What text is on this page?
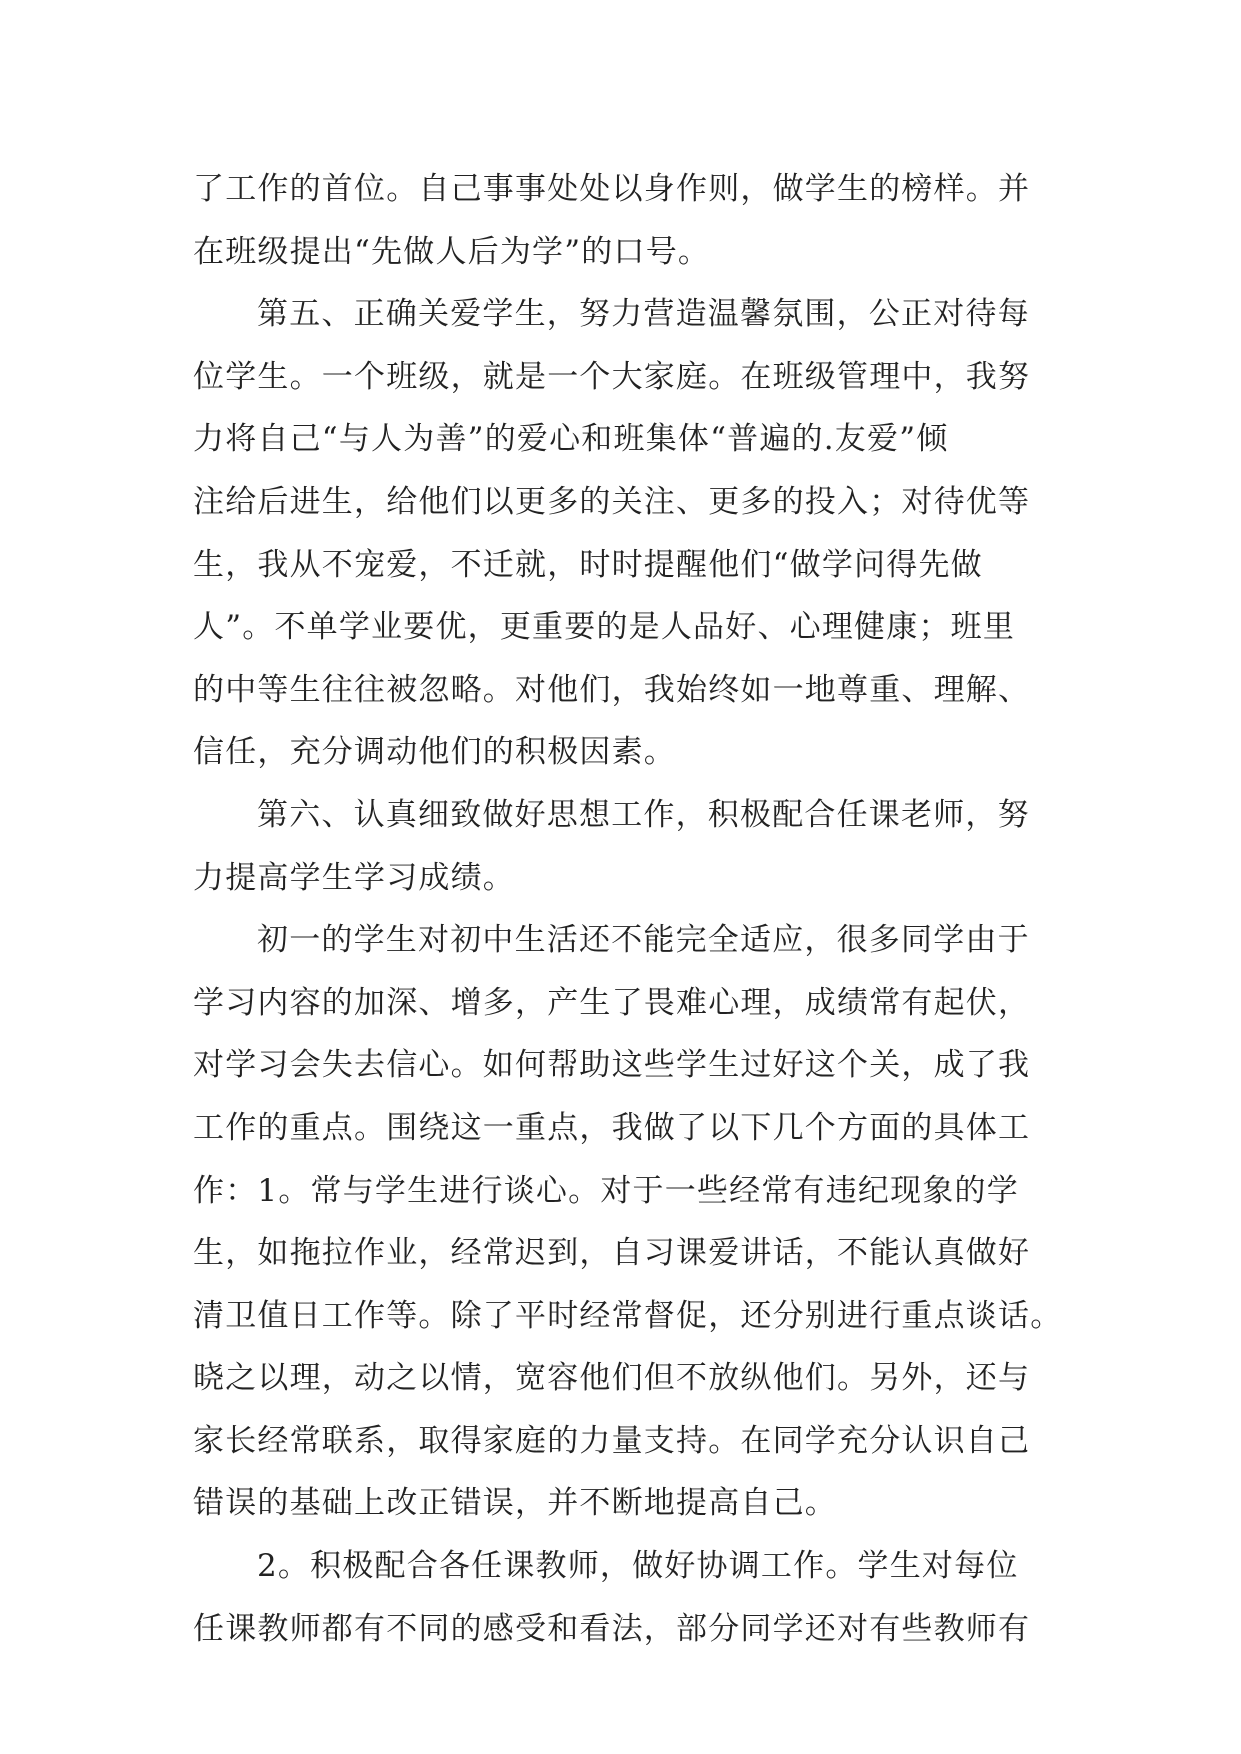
了工作的首位。自己事事处处以身作则，做学生的榜样。并
在班级提出“先做人后为学”的口号。
第五、正确关爱学生，努力营造温馨氛围，公正对待每
位学生。一个班级，就是一个大家庭。在班级管理中，我努
力将自己“与人为善”的爱心和班集体“普遍的.友爱”倾
注给后进生，给他们以更多的关注、更多的投入；对待优等
生，我从不宠爱，不迁就，时时提醒他们“做学问得先做
人”。不单学业要优，更重要的是人品好、心理健康；班里
的中等生往往被忽略。对他们，我始终如一地尊重、理解、
信任，充分调动他们的积极因素。
第六、认真细致做好思想工作，积极配合任课老师，努
力提高学生学习成绩。
初一的学生对初中生活还不能完全适应，很多同学由于
学习内容的加深、增多，产生了畏难心理，成绩常有起伏，
对学习会失去信心。如何帮助这些学生过好这个关，成了我
工作的重点。围绕这一重点，我做了以下几个方面的具体工
作：1。常与学生进行谈心。对于一些经常有违纪现象的学
生，如拖拉作业，经常迟到，自习课爱讲话，不能认真做好
清卫值日工作等。除了平时经常督促，还分别进行重点谈话。
晓之以理，动之以情，宽容他们但不放纵他们。另外，还与
家长经常联系，取得家庭的力量支持。在同学充分认识自己
错误的基础上改正错误，并不断地提高自己。
2。积极配合各任课教师，做好协调工作。学生对每位
任课教师都有不同的感受和看法，部分同学还对有些教师有
